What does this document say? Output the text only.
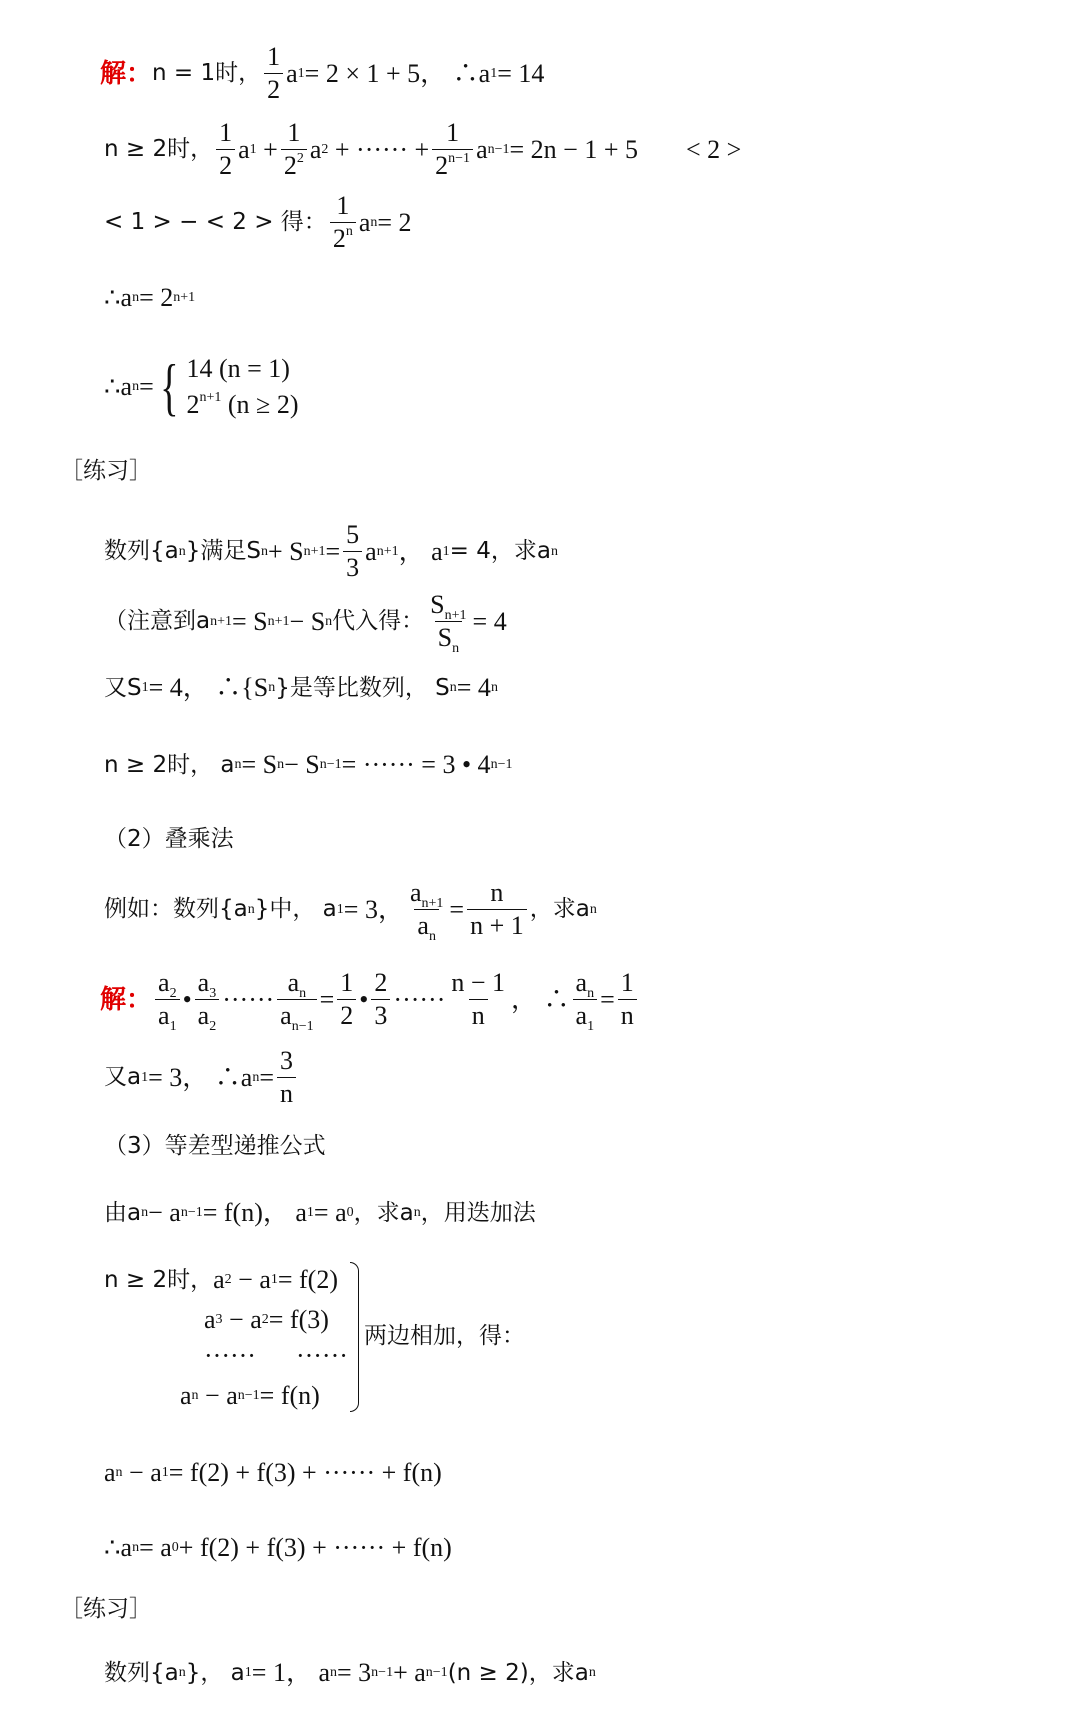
解： n = 1时， $\frac{1}{2}$ a 1 = 2 × 1 + 5， ∴a 1 = 14
n ≥ 2时， $\frac{1}{2}$ a $1 + \frac{1}{2^2}$ a 2 + ······ + $\frac{1}{2^{n-1}}$ a n−1 = 2n − 1 + 5 < 2 >
< 1 > − < 2 > 得： $\frac{1}{2^n}$ a n = 2
∴a n = 2 n+1
∴a n = { 14 (n = 1)
$2^{n+1}$ (n ≥ 2)
［练习］
数列{a n }满足S n + S $n+1 = \frac{5}{3}$ a n+1 ， a 1 = 4，求a n
（注意到a n+1 = S n+1 − S n 代入得： $\frac{S_{n+1}}{S_n} = 4$
又S 1 = 4， ∴{S n }是等比数列， S n = 4 n
n ≥ 2时， a n = S n − S n−1 = ······ = 3 • 4 n−1
（2）叠乘法
例如：数列{a n }中， a 1 = 3， $\frac{a_{n+1}}{a_n} = \frac{n}{n + 1}$ ，求a n
解： $\frac{a_2}{a_1}$ • $\frac{a_3}{a_2}$ ······ $\frac{a_n}{a_{n-1}} = \frac{1}{2}$ • $\frac{2}{3}$ ······ $\frac{n - 1}{n}$ ， ∴ $\frac{a_n}{a_1} = \frac{1}{n}$
又a 1 = 3， ∴a $n = \frac{3}{n}$
（3）等差型递推公式
由a n − a n−1 = f(n)， a 1 = a 0 ，求a n ，用迭加法
n ≥ 2时， a 2 − a 1 = f(2)
a 3 − a 2 = f(3)
······ ······
a n − a n−1 = f(n)
两边相加，得：
a n − a 1 = f(2) + f(3) + ······ + f(n)
∴a n = a 0 + f(2) + f(3) + ······ + f(n)
［练习］
数列{a n }， a 1 = 1， a n = 3 n−1 + a n−1 (n ≥ 2)，求a n
